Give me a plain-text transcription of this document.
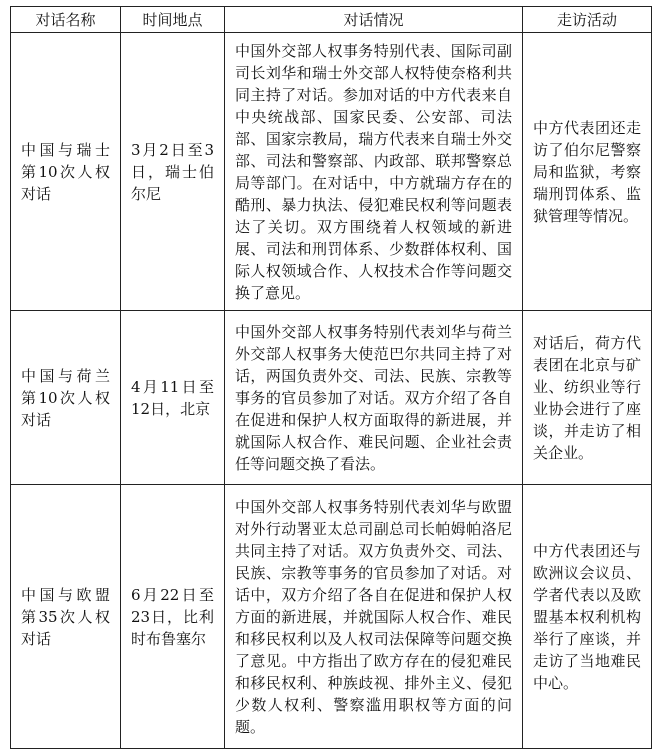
对话名称	时间地点	对话情况	走访活动
中国与瑞士第10次人权对话	3月2日至3日，瑞士伯尔尼	中国外交部人权事务特别代表、国际司副司长刘华和瑞士外交部人权特使奈格利共同主持了对话。参加对话的中方代表来自中央统战部、国家民委、公安部、司法部、国家宗教局，瑞方代表来自瑞士外交部、司法和警察部、内政部、联邦警察总局等部门。在对话中，中方就瑞方存在的酷刑、暴力执法、侵犯难民权利等问题表达了关切。双方围绕着人权领域的新进展、司法和刑罚体系、少数群体权利、国际人权领域合作、人权技术合作等问题交换了意见。	中方代表团还走访了伯尔尼警察局和监狱，考察瑞刑罚体系、监狱管理等情况。
中国与荷兰第10次人权对话	4月11日至12日，北京	中国外交部人权事务特别代表刘华与荷兰外交部人权事务大使范巴尔共同主持了对话，两国负责外交、司法、民族、宗教等事务的官员参加了对话。双方介绍了各自在促进和保护人权方面取得的新进展，并就国际人权合作、难民问题、企业社会责任等问题交换了看法。	对话后，荷方代表团在北京与矿业、纺织业等行业协会进行了座谈，并走访了相关企业。
中国与欧盟第35次人权对话	6月22日至23日，比利时布鲁塞尔	中国外交部人权事务特别代表刘华与欧盟对外行动署亚太总司副总司长帕姆帕洛尼共同主持了对话。双方负责外交、司法、民族、宗教等事务的官员参加了对话。对话中，双方介绍了各自在促进和保护人权方面的新进展，并就国际人权合作、难民和移民权利以及人权司法保障等问题交换了意见。中方指出了欧方存在的侵犯难民和移民权利、种族歧视、排外主义、侵犯少数人权利、警察滥用职权等方面的问题。	中方代表团还与欧洲议会议员、学者代表以及欧盟基本权利机构举行了座谈，并走访了当地难民中心。
